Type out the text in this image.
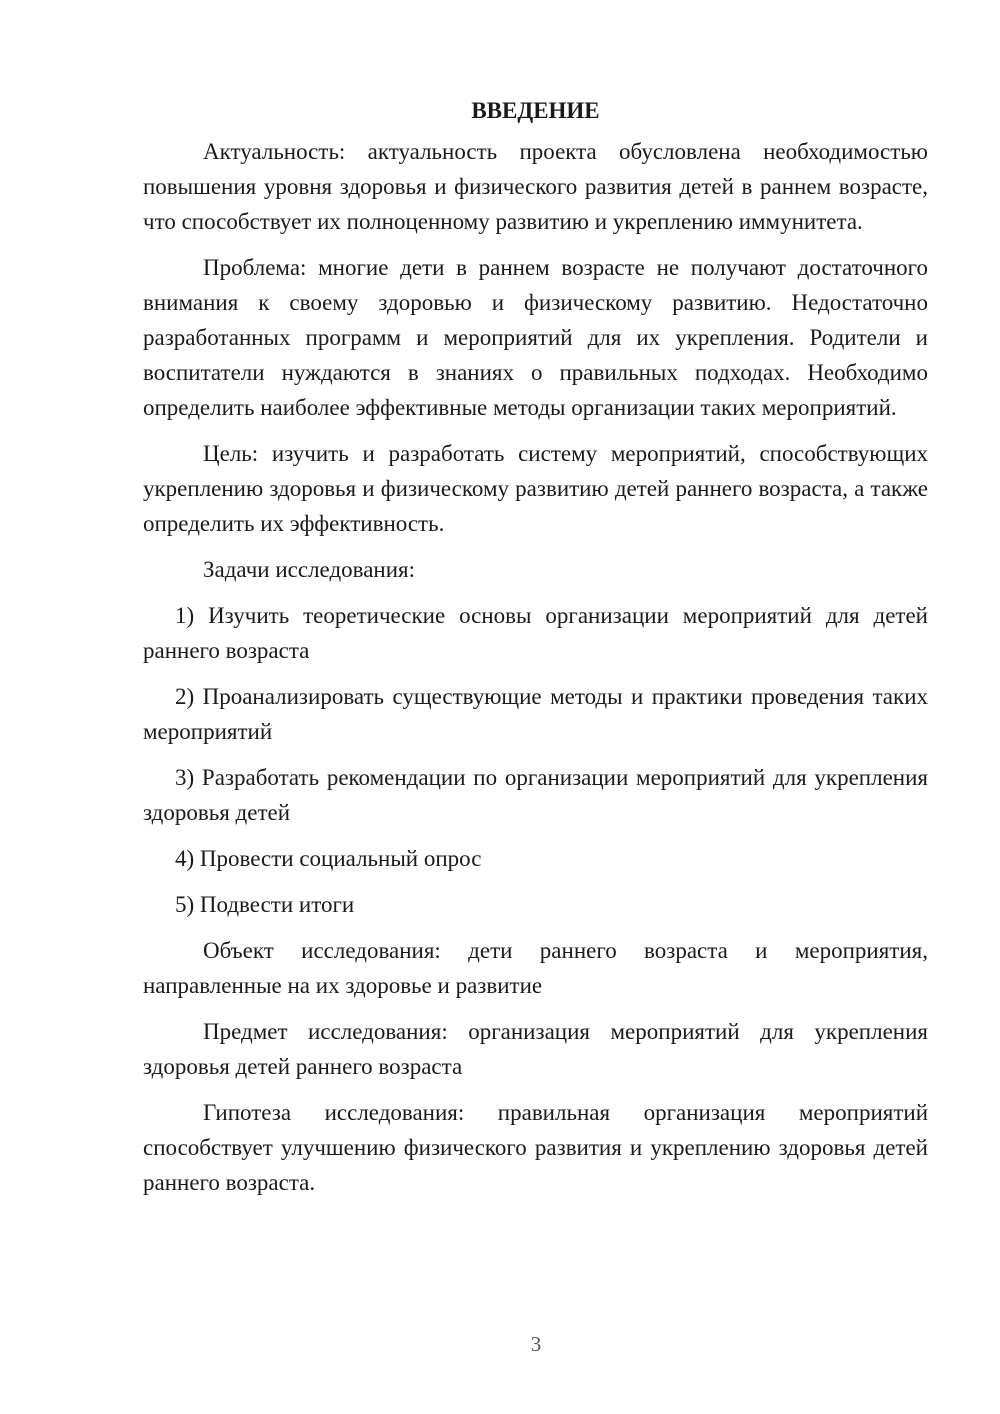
ВВЕДЕНИЕ

Актуальность: актуальность проекта обусловлена необходимостью повышения уровня здоровья и физического развития детей в раннем возрасте, что способствует их полноценному развитию и укреплению иммунитета.

Проблема: многие дети в раннем возрасте не получают достаточного внимания к своему здоровью и физическому развитию. Недостаточно разработанных программ и мероприятий для их укрепления. Родители и воспитатели нуждаются в знаниях о правильных подходах. Необходимо определить наиболее эффективные методы организации таких мероприятий.

Цель: изучить и разработать систему мероприятий, способствующих укреплению здоровья и физическому развитию детей раннего возраста, а также определить их эффективность.

Задачи исследования:

1) Изучить теоретические основы организации мероприятий для детей раннего возраста

2) Проанализировать существующие методы и практики проведения таких мероприятий

3) Разработать рекомендации по организации мероприятий для укрепления здоровья детей

4) Провести социальный опрос

5) Подвести итоги

Объект исследования: дети раннего возраста и мероприятия, направленные на их здоровье и развитие

Предмет исследования: организация мероприятий для укрепления здоровья детей раннего возраста

Гипотеза исследования: правильная организация мероприятий способствует улучшению физического развития и укреплению здоровья детей раннего возраста.

3
